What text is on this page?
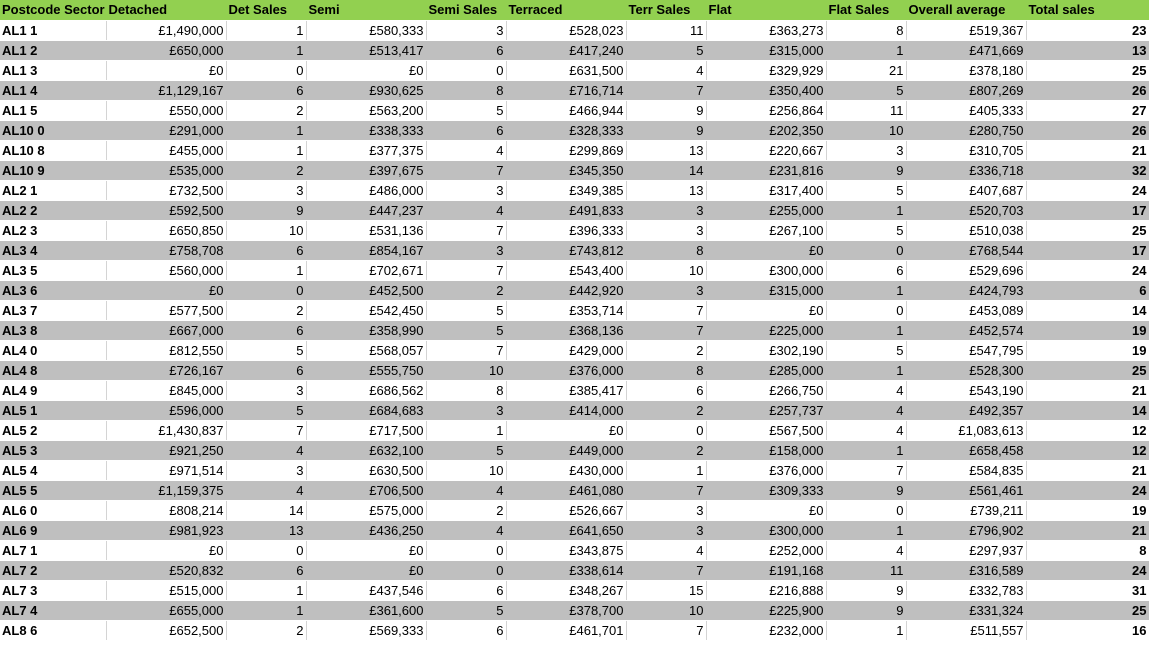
Postcode Sector	Detached	Det Sales	Semi	Semi Sales	Terraced	Terr Sales	Flat	Flat Sales	Overall average	Total sales
AL1 1	£1,490,000	1	£580,333	3	£528,023	11	£363,273	8	£519,367	23
AL1 2	£650,000	1	£513,417	6	£417,240	5	£315,000	1	£471,669	13
AL1 3	£0	0	£0	0	£631,500	4	£329,929	21	£378,180	25
AL1 4	£1,129,167	6	£930,625	8	£716,714	7	£350,400	5	£807,269	26
AL1 5	£550,000	2	£563,200	5	£466,944	9	£256,864	11	£405,333	27
AL10 0	£291,000	1	£338,333	6	£328,333	9	£202,350	10	£280,750	26
AL10 8	£455,000	1	£377,375	4	£299,869	13	£220,667	3	£310,705	21
AL10 9	£535,000	2	£397,675	7	£345,350	14	£231,816	9	£336,718	32
AL2 1	£732,500	3	£486,000	3	£349,385	13	£317,400	5	£407,687	24
AL2 2	£592,500	9	£447,237	4	£491,833	3	£255,000	1	£520,703	17
AL2 3	£650,850	10	£531,136	7	£396,333	3	£267,100	5	£510,038	25
AL3 4	£758,708	6	£854,167	3	£743,812	8	£0	0	£768,544	17
AL3 5	£560,000	1	£702,671	7	£543,400	10	£300,000	6	£529,696	24
AL3 6	£0	0	£452,500	2	£442,920	3	£315,000	1	£424,793	6
AL3 7	£577,500	2	£542,450	5	£353,714	7	£0	0	£453,089	14
AL3 8	£667,000	6	£358,990	5	£368,136	7	£225,000	1	£452,574	19
AL4 0	£812,550	5	£568,057	7	£429,000	2	£302,190	5	£547,795	19
AL4 8	£726,167	6	£555,750	10	£376,000	8	£285,000	1	£528,300	25
AL4 9	£845,000	3	£686,562	8	£385,417	6	£266,750	4	£543,190	21
AL5 1	£596,000	5	£684,683	3	£414,000	2	£257,737	4	£492,357	14
AL5 2	£1,430,837	7	£717,500	1	£0	0	£567,500	4	£1,083,613	12
AL5 3	£921,250	4	£632,100	5	£449,000	2	£158,000	1	£658,458	12
AL5 4	£971,514	3	£630,500	10	£430,000	1	£376,000	7	£584,835	21
AL5 5	£1,159,375	4	£706,500	4	£461,080	7	£309,333	9	£561,461	24
AL6 0	£808,214	14	£575,000	2	£526,667	3	£0	0	£739,211	19
AL6 9	£981,923	13	£436,250	4	£641,650	3	£300,000	1	£796,902	21
AL7 1	£0	0	£0	0	£343,875	4	£252,000	4	£297,937	8
AL7 2	£520,832	6	£0	0	£338,614	7	£191,168	11	£316,589	24
AL7 3	£515,000	1	£437,546	6	£348,267	15	£216,888	9	£332,783	31
AL7 4	£655,000	1	£361,600	5	£378,700	10	£225,900	9	£331,324	25
AL8 6	£652,500	2	£569,333	6	£461,701	7	£232,000	1	£511,557	16
